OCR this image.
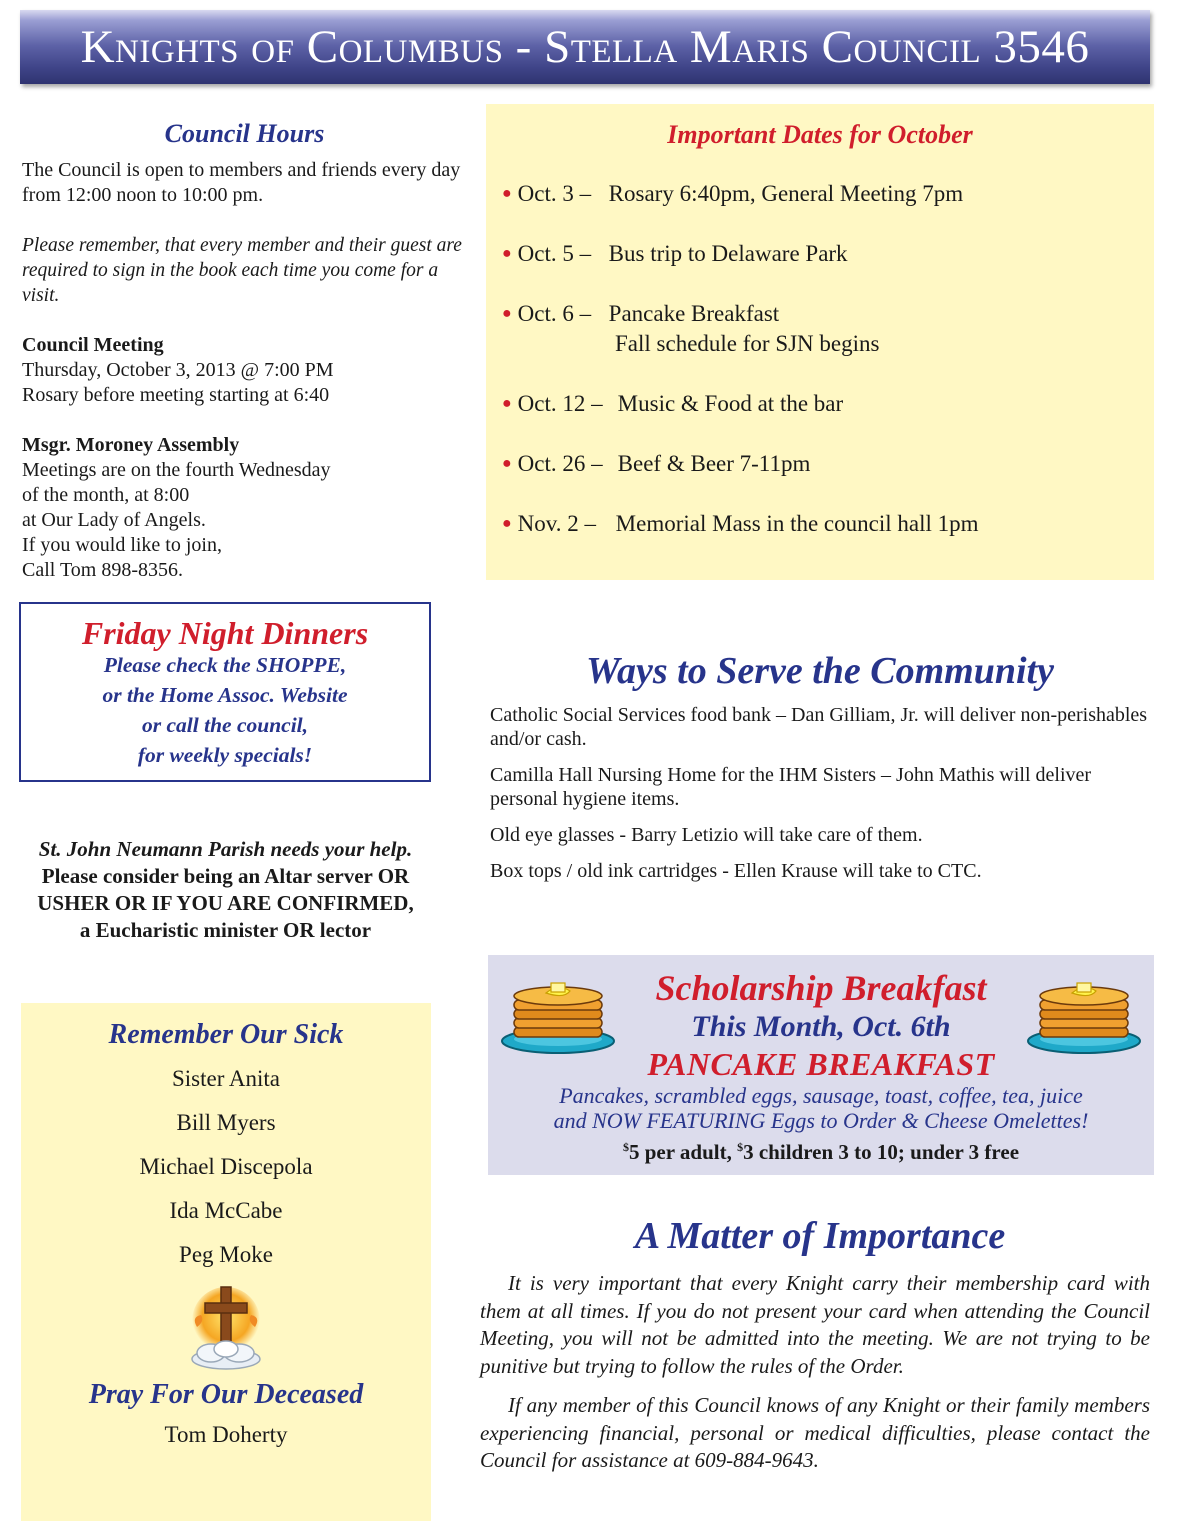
Knights of Columbus - Stella Maris Council 3546
Council Hours

The Council is open to members and friends every day from 12:00 noon to 10:00 pm.

Please remember, that every member and their guest are required to sign in the book each time you come for a visit.

Council Meeting

Thursday, October 3, 2013 @ 7:00 PM

Rosary before meeting starting at 6:40

Msgr. Moroney Assembly

Meetings are on the fourth Wednesday

of the month, at 8:00

at Our Lady of Angels.

If you would like to join,

Call Tom 898-8356.

Friday Night Dinners
Please check the SHOPPE,
or the Home Assoc. Website
or call the council,
for weekly specials!
St. John Neumann Parish needs your help.
Please consider being an Altar server OR
USHER OR IF YOU ARE CONFIRMED,
a Eucharistic minister OR lector
Remember Our Sick
Sister Anita
Bill Myers
Michael Discepola
Ida McCabe
Peg Moke
Pray For Our Deceased
Tom Doherty
Important Dates for October
● Oct. 3 – Rosary 6:40pm, General Meeting 7pm
● Oct. 5 – Bus trip to Delaware Park
● Oct. 6 – Pancake Breakfast
Fall schedule for SJN begins
● Oct. 12 – Music & Food at the bar
● Oct. 26 – Beef & Beer 7-11pm
● Nov. 2 – Memorial Mass in the council hall 1pm
Ways to Serve the Community

Catholic Social Services food bank – Dan Gilliam, Jr. will deliver non-perishables and/or cash.

Camilla Hall Nursing Home for the IHM Sisters – John Mathis will deliver personal hygiene items.

Old eye glasses - Barry Letizio will take care of them.

Box tops / old ink cartridges - Ellen Krause will take to CTC.

Scholarship Breakfast
This Month, Oct. 6th
PANCAKE BREAKFAST
Pancakes, scrambled eggs, sausage, toast, coffee, tea, juice
and NOW FEATURING Eggs to Order & Cheese Omelettes!
$5 per adult, $3 children 3 to 10; under 3 free
A Matter of Importance

It is very important that every Knight carry their membership card with them at all times. If you do not present your card when attending the Council Meeting, you will not be admitted into the meeting. We are not trying to be punitive but trying to follow the rules of the Order.

If any member of this Council knows of any Knight or their family members experiencing financial, personal or medical difficulties, please contact the Council for assistance at 609-884-9643.
